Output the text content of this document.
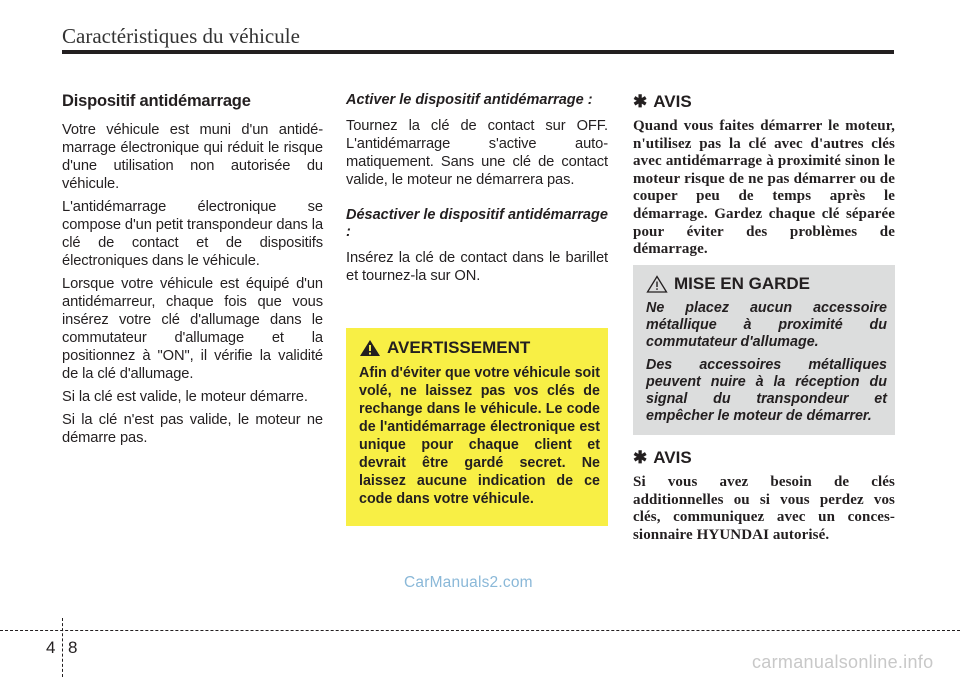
Caractéristiques du véhicule
Dispositif antidémarrage

Votre véhicule est muni d'un antidé-marrage électronique qui réduit le risque d'une utilisation non autorisée du véhicule.

L'antidémarrage électronique se compose d'un petit transpondeur dans la clé de contact et de dispositifs électroniques dans le véhicule.

Lorsque votre véhicule est équipé d'un antidémarreur, chaque fois que vous insérez votre clé d'allumage dans le commutateur d'allumage et la positionnez à "ON", il vérifie la validité de la clé d'allumage.

Si la clé est valide, le moteur démarre.

Si la clé n'est pas valide, le moteur ne démarre pas.

Activer le dispositif antidémarrage :

Tournez la clé de contact sur OFF. L'antidémarrage s'active auto-matiquement. Sans une clé de contact valide, le moteur ne démarrera pas.

Désactiver le dispositif antidémarrage :

Insérez la clé de contact dans le barillet et tournez-la sur ON.

AVERTISSEMENT

Afin d'éviter que votre véhicule soit volé, ne laissez pas vos clés de rechange dans le véhicule. Le code de l'antidémarrage électronique est unique pour chaque client et devrait être gardé secret. Ne laissez aucune indication de ce code dans votre véhicule.

✱ AVIS

Quand vous faites démarrer le moteur, n'utilisez pas la clé avec d'autres clés avec antidémarrage à proximité sinon le moteur risque de ne pas démarrer ou de couper peu de temps après le démarrage. Gardez chaque clé séparée pour éviter des problèmes de démarrage.

MISE EN GARDE

Ne placez aucun accessoire métallique à proximité du commutateur d'allumage.

Des accessoires métalliques peuvent nuire à la réception du signal du transpondeur et empêcher le moteur de démarrer.

✱ AVIS

Si vous avez besoin de clés additionnelles ou si vous perdez vos clés, communiquez avec un conces-sionnaire HYUNDAI autorisé.

CarManuals2.com
4 8
carmanualsonline.info
